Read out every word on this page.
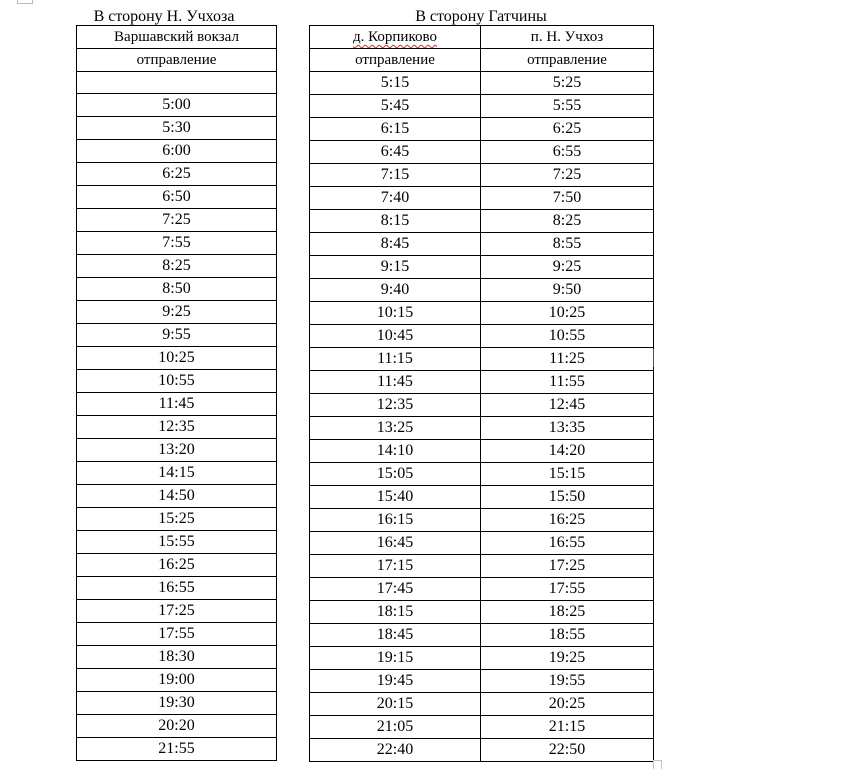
В сторону Н. Учхоза	В сторону Гатчины
Варшавский вокзал
отправление

5:00
5:30
6:00
6:25
6:50
7:25
7:55
8:25
8:50
9:25
9:55
10:25
10:55
11:45
12:35
13:20
14:15
14:50
15:25
15:55
16:25
16:55
17:25
17:55
18:30
19:00
19:30
20:20
21:55
д. Корпиково	п. Н. Учхоз
отправление	отправление
5:15	5:25
5:45	5:55
6:15	6:25
6:45	6:55
7:15	7:25
7:40	7:50
8:15	8:25
8:45	8:55
9:15	9:25
9:40	9:50
10:15	10:25
10:45	10:55
11:15	11:25
11:45	11:55
12:35	12:45
13:25	13:35
14:10	14:20
15:05	15:15
15:40	15:50
16:15	16:25
16:45	16:55
17:15	17:25
17:45	17:55
18:15	18:25
18:45	18:55
19:15	19:25
19:45	19:55
20:15	20:25
21:05	21:15
22:40	22:50
